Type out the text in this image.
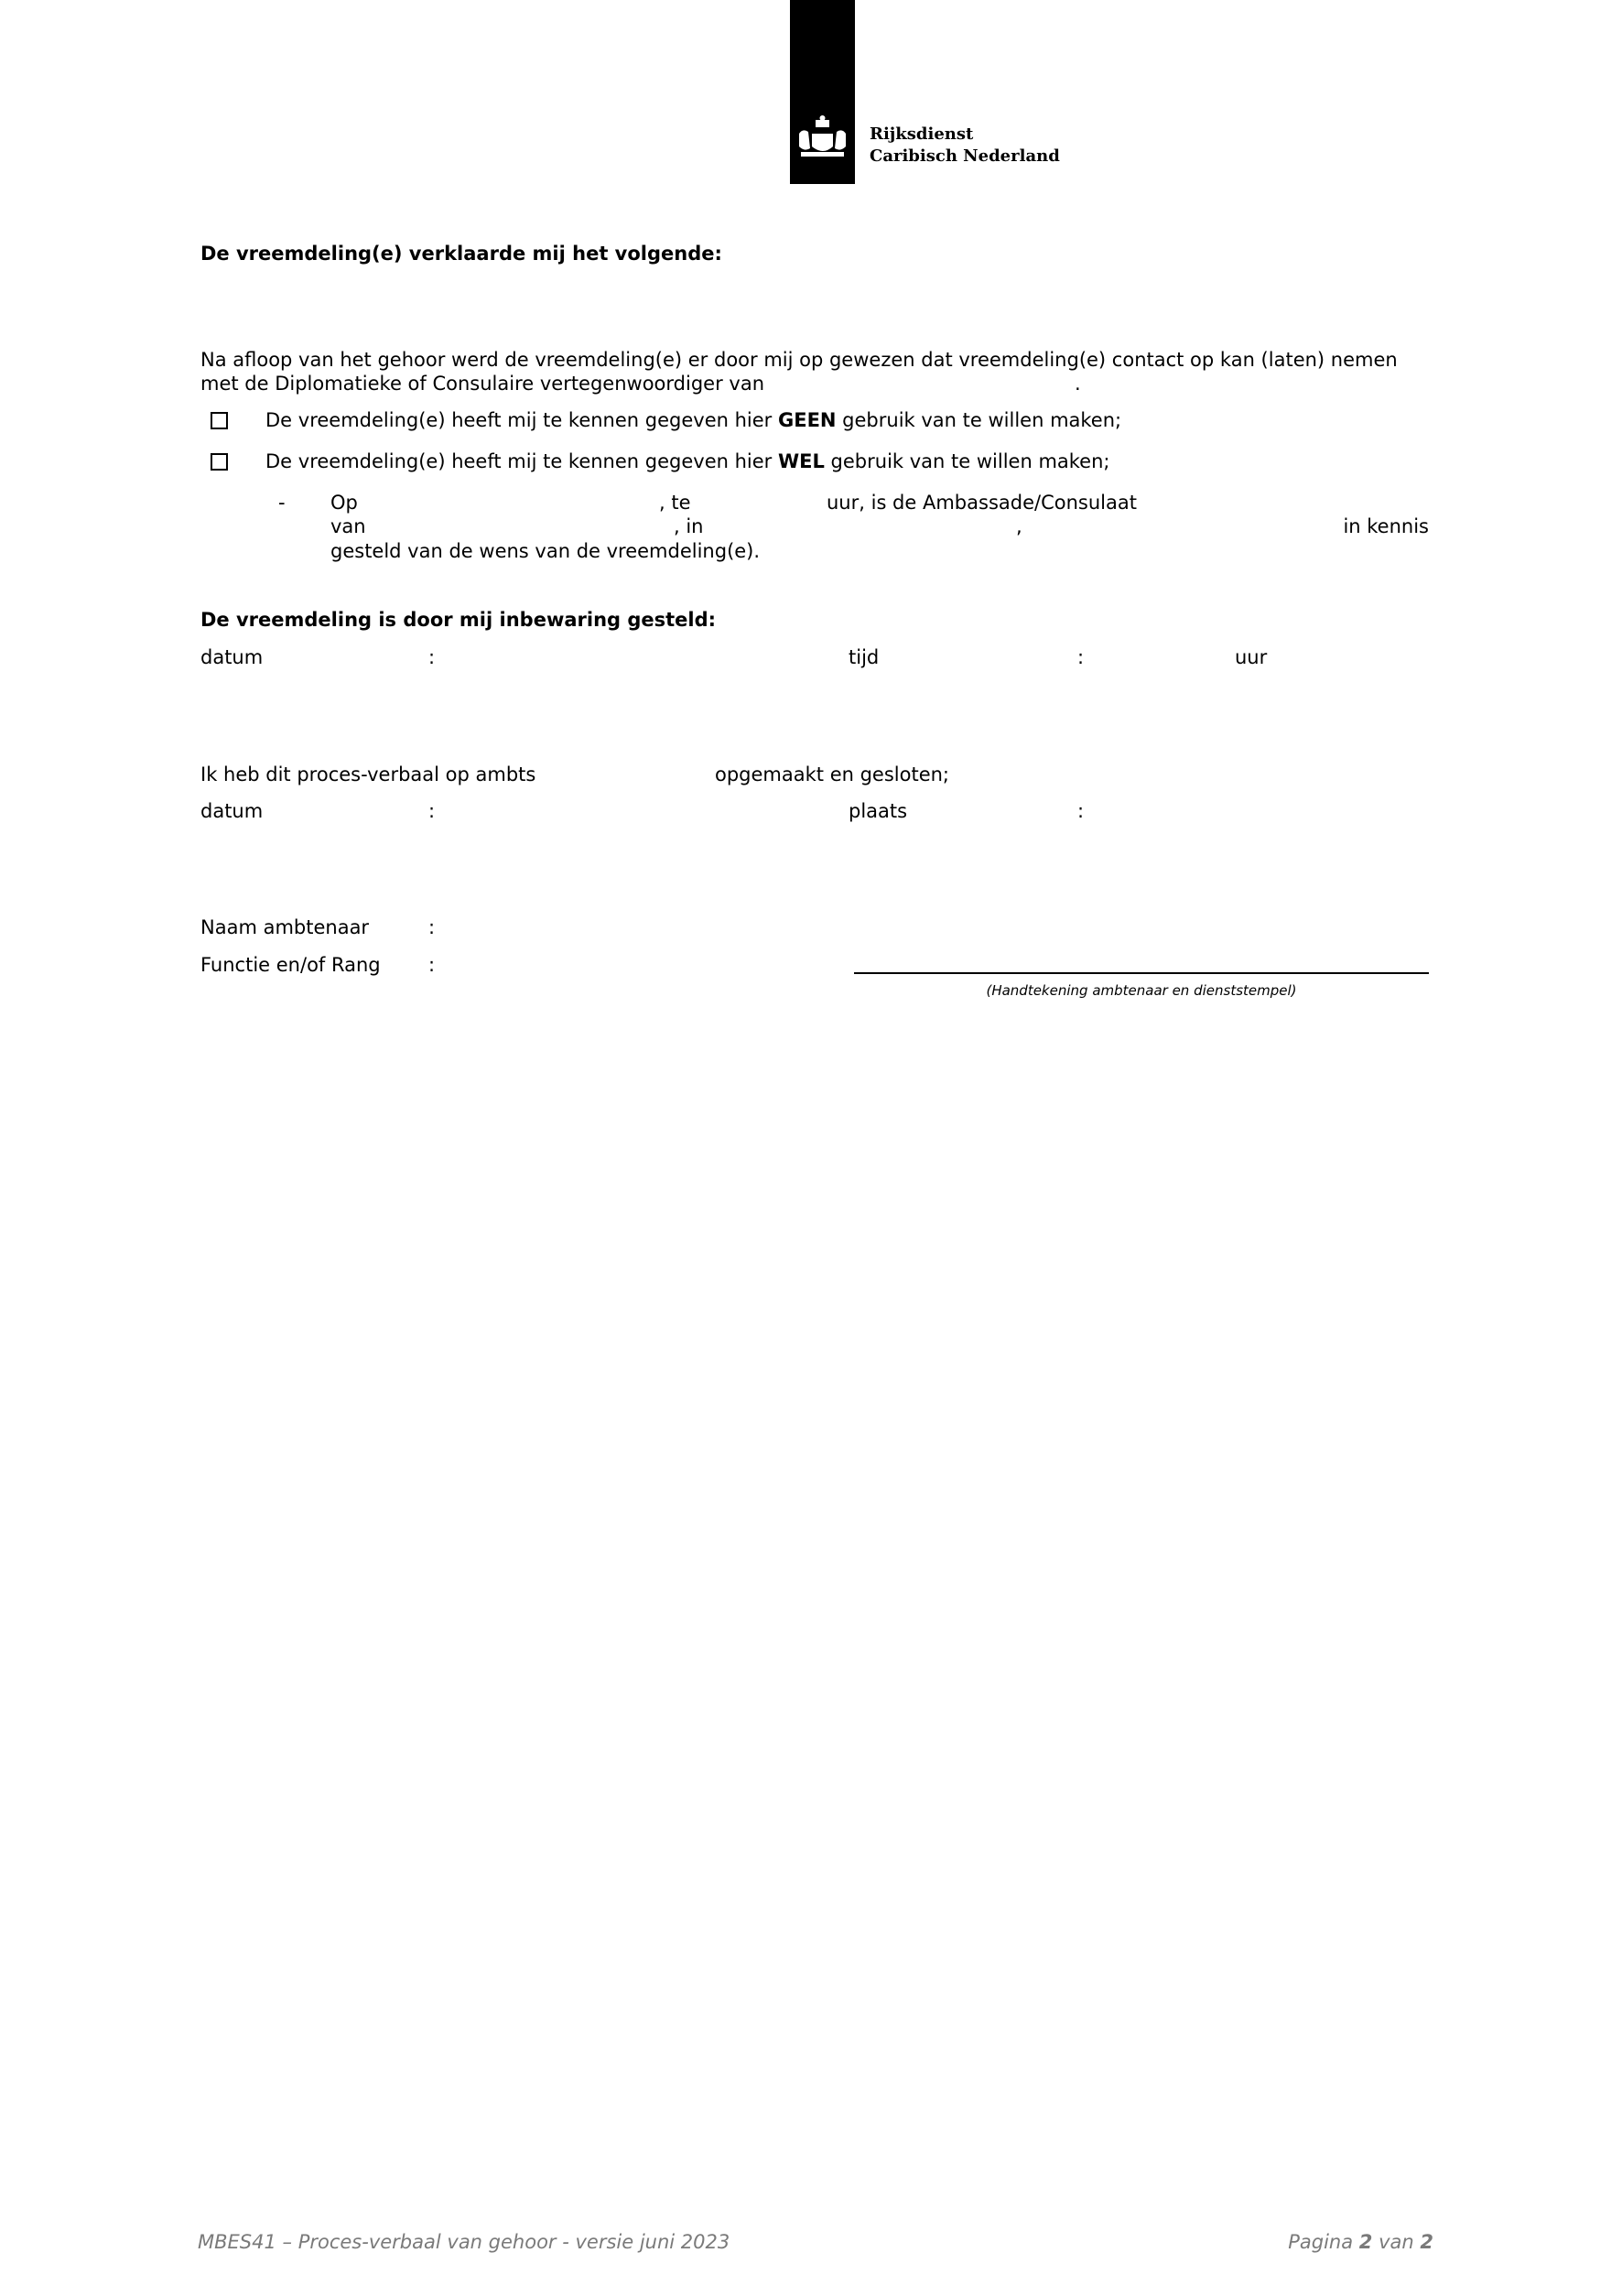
Rijksdienst
Caribisch Nederland
De vreemdeling(e) verklaarde mij het volgende:
Na afloop van het gehoor werd de vreemdeling(e) er door mij op gewezen dat vreemdeling(e) contact op kan (laten) nemen
met de Diplomatieke of Consulaire vertegenwoordiger van	.
De vreemdeling(e) heeft mij te kennen gegeven hier GEEN gebruik van te willen maken;
De vreemdeling(e) heeft mij te kennen gegeven hier WEL gebruik van te willen maken;
- Op	, te	uur, is de Ambassade/Consulaat
van	, in	,	in kennis
gesteld van de wens van de vreemdeling(e).
De vreemdeling is door mij inbewaring gesteld:
datum	:	tijd	:	uur
Ik heb dit proces-verbaal op ambts	opgemaakt en gesloten;
datum	:	plaats	:
Naam ambtenaar	:
Functie en/of Rang :
(Handtekening ambtenaar en dienststempel)
MBES41 – Proces-verbaal van gehoor - versie juni 2023	Pagina 2 van 2
